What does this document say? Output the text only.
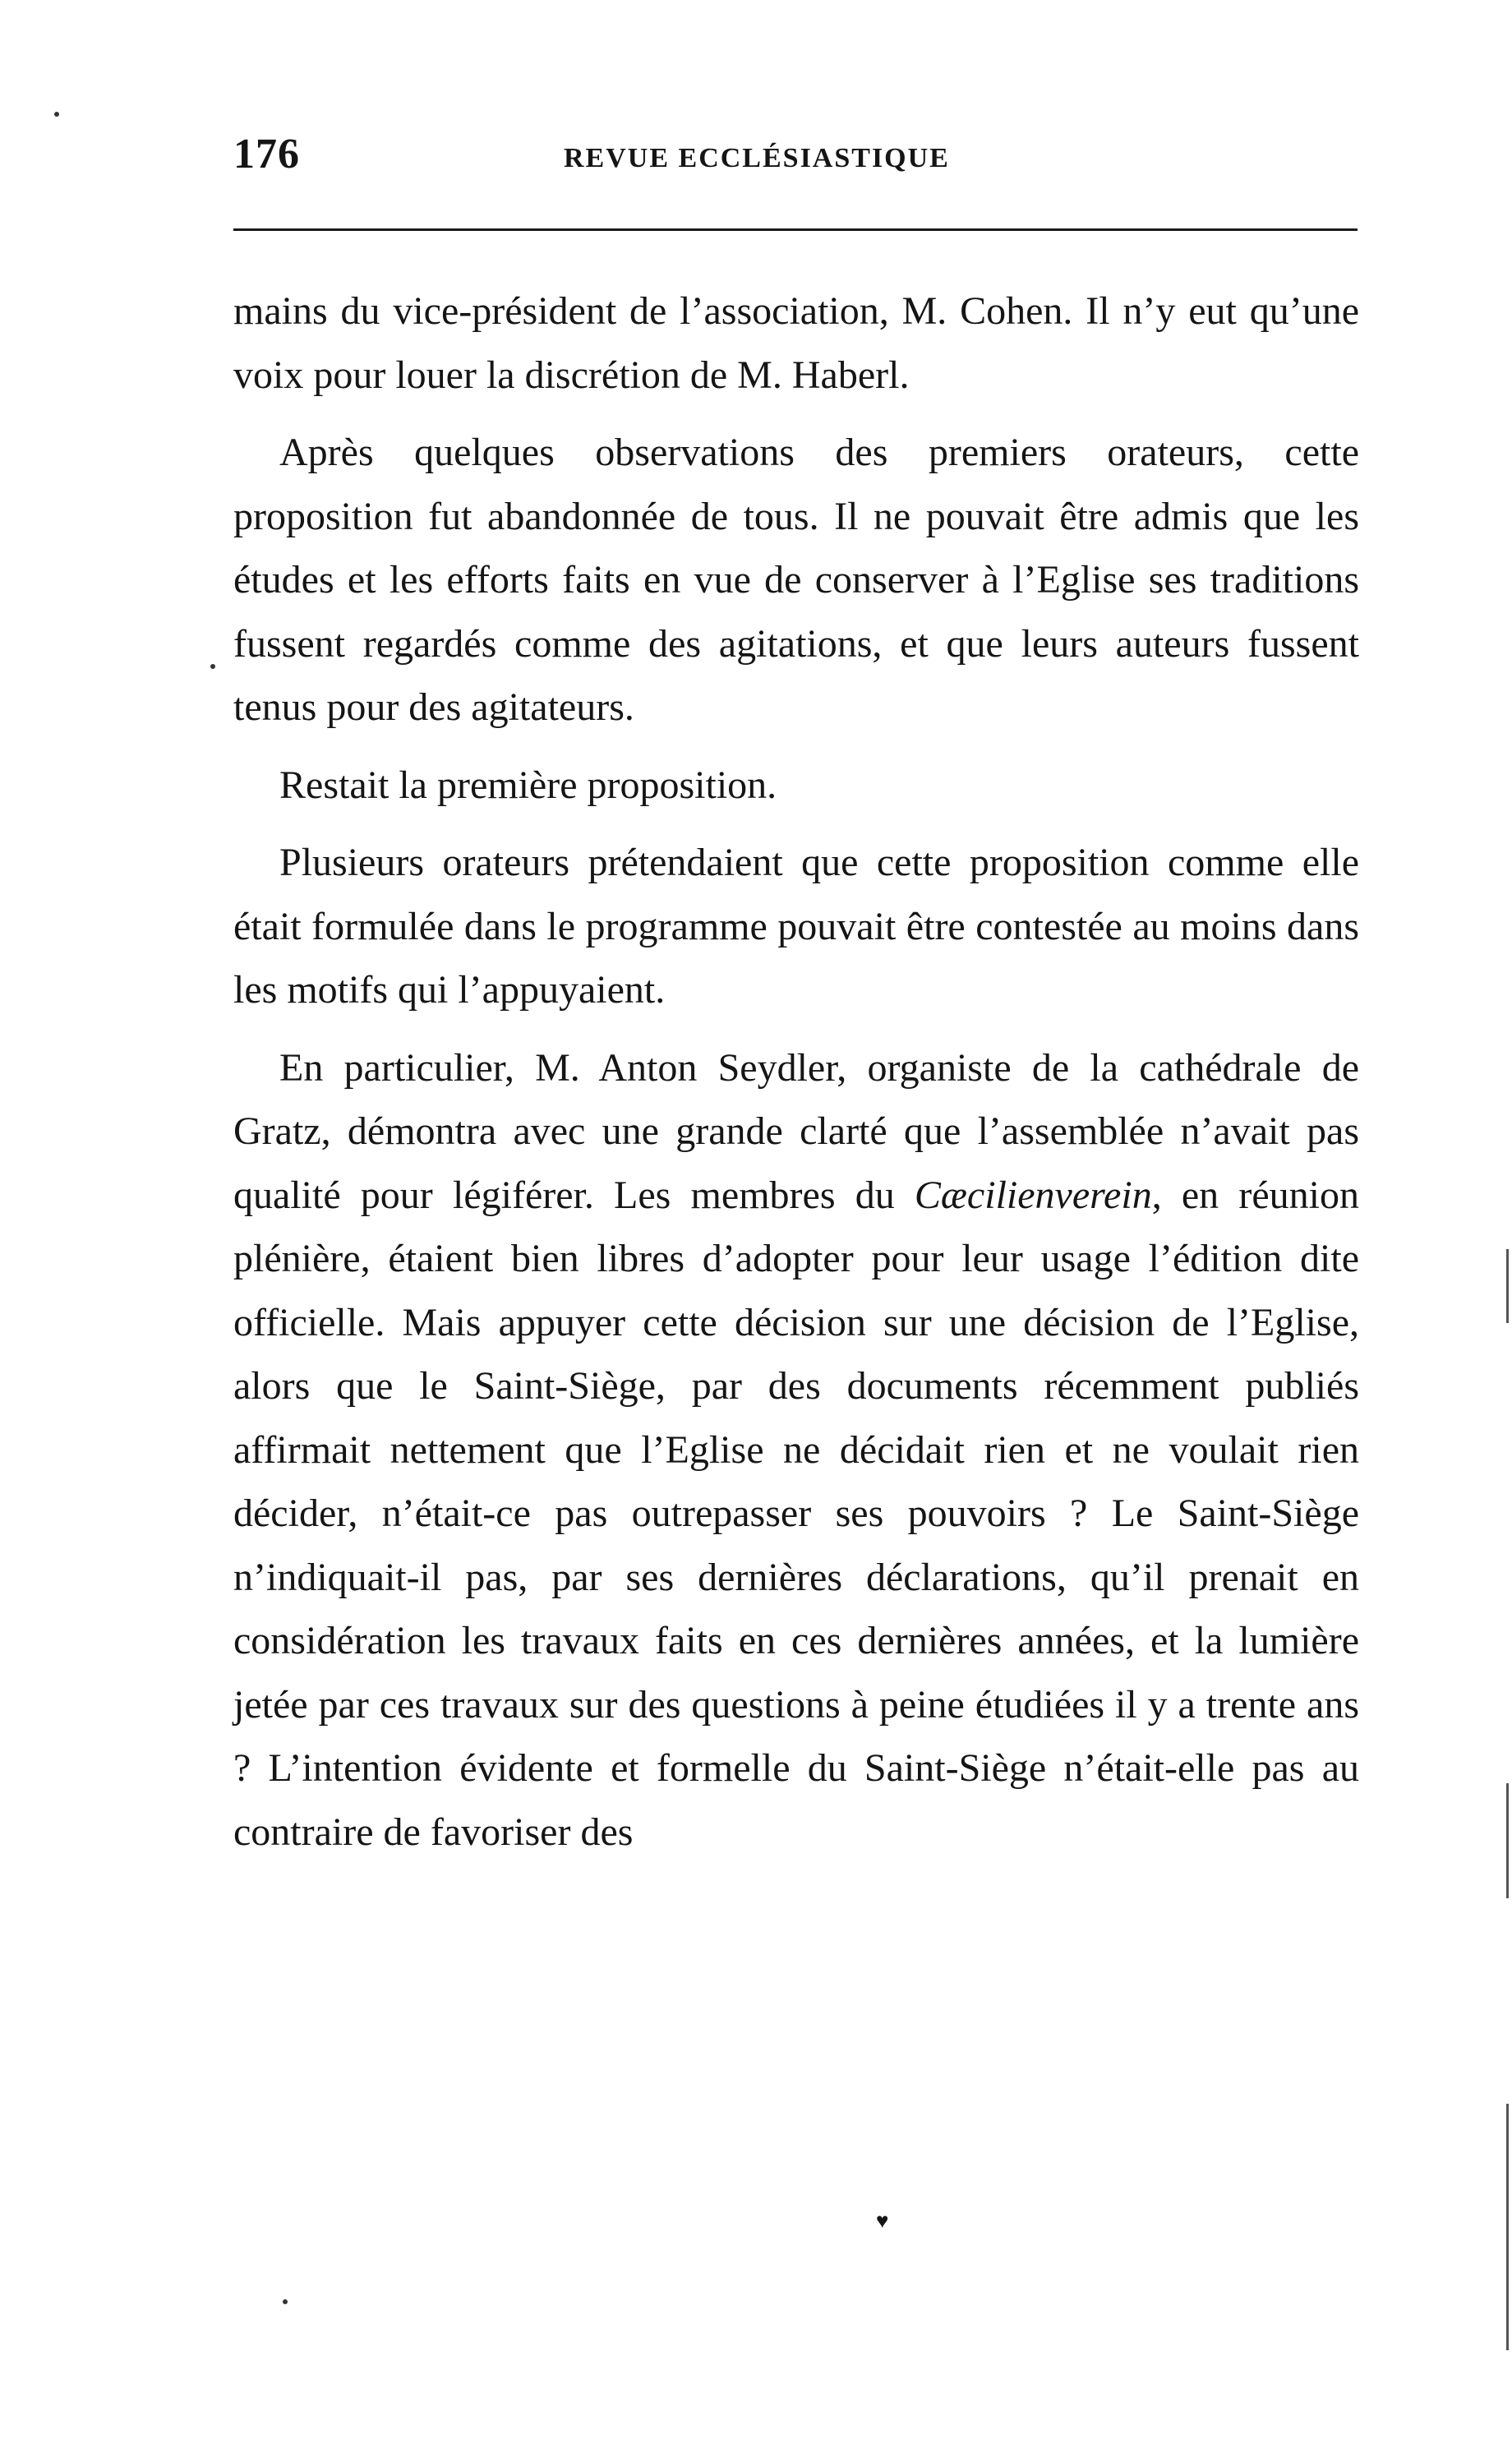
176	REVUE ECCLÉSIASTIQUE

mains du vice-président de l’association, M. Cohen. Il n’y eut qu’une voix pour louer la discrétion de M. Haberl.

Après quelques observations des premiers orateurs, cette proposition fut abandonnée de tous. Il ne pouvait être admis que les études et les efforts faits en vue de conserver à l’Eglise ses traditions fussent regardés comme des agitations, et que leurs auteurs fussent tenus pour des agitateurs.

Restait la première proposition.

Plusieurs orateurs prétendaient que cette proposition comme elle était formulée dans le programme pouvait être contestée au moins dans les motifs qui l’appuyaient.

En particulier, M. Anton Seydler, organiste de la cathédrale de Gratz, démontra avec une grande clarté que l’assemblée n’avait pas qualité pour légiférer. Les membres du Cæcilienverein, en réunion plénière, étaient bien libres d’adopter pour leur usage l’édition dite officielle. Mais appuyer cette décision sur une décision de l’Eglise, alors que le Saint-Siège, par des documents récemment publiés affirmait nettement que l’Eglise ne décidait rien et ne voulait rien décider, n’était-ce pas outrepasser ses pouvoirs ? Le Saint-Siège n’indiquait-il pas, par ses dernières déclarations, qu’il prenait en considération les travaux faits en ces dernières années, et la lumière jetée par ces travaux sur des questions à peine étudiées il y a trente ans ? L’intention évidente et formelle du Saint-Siège n’était-elle pas au contraire de favoriser des

♥
